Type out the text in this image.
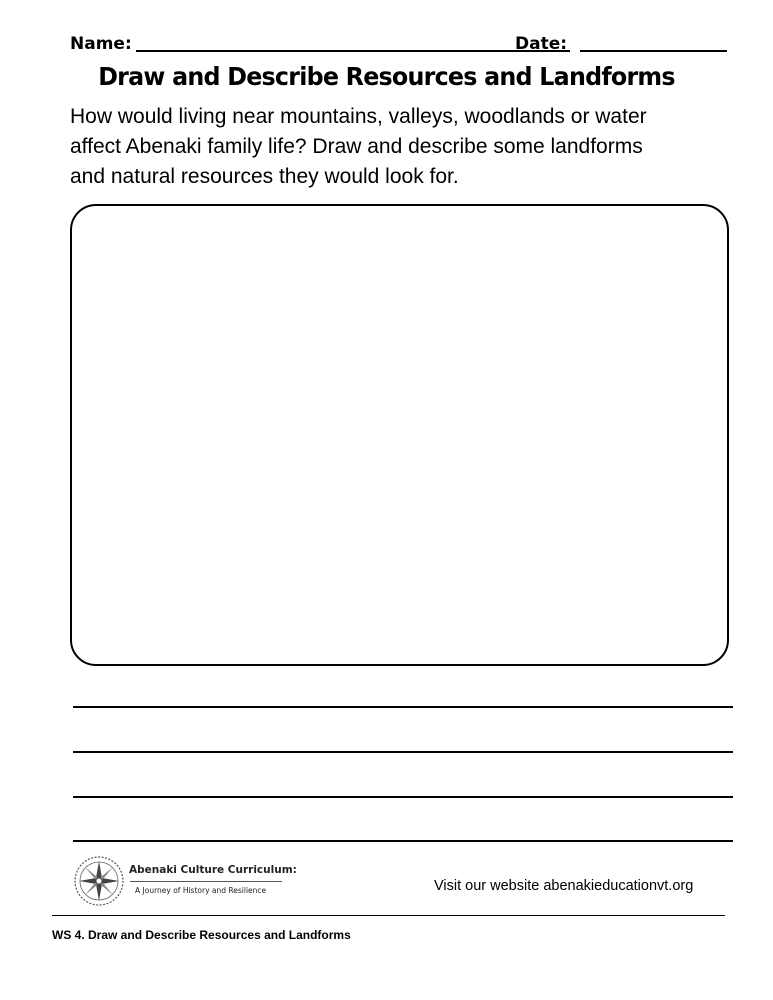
Name:	Date:
Draw and Describe Resources and Landforms
How would living near mountains, valleys, woodlands or water
affect Abenaki family life? Draw and describe some landforms
and natural resources they would look for.
Abenaki Culture Curriculum:
A Journey of History and Resilience	Visit our website abenakieducationvt.org
WS 4. Draw and Describe Resources and Landforms
